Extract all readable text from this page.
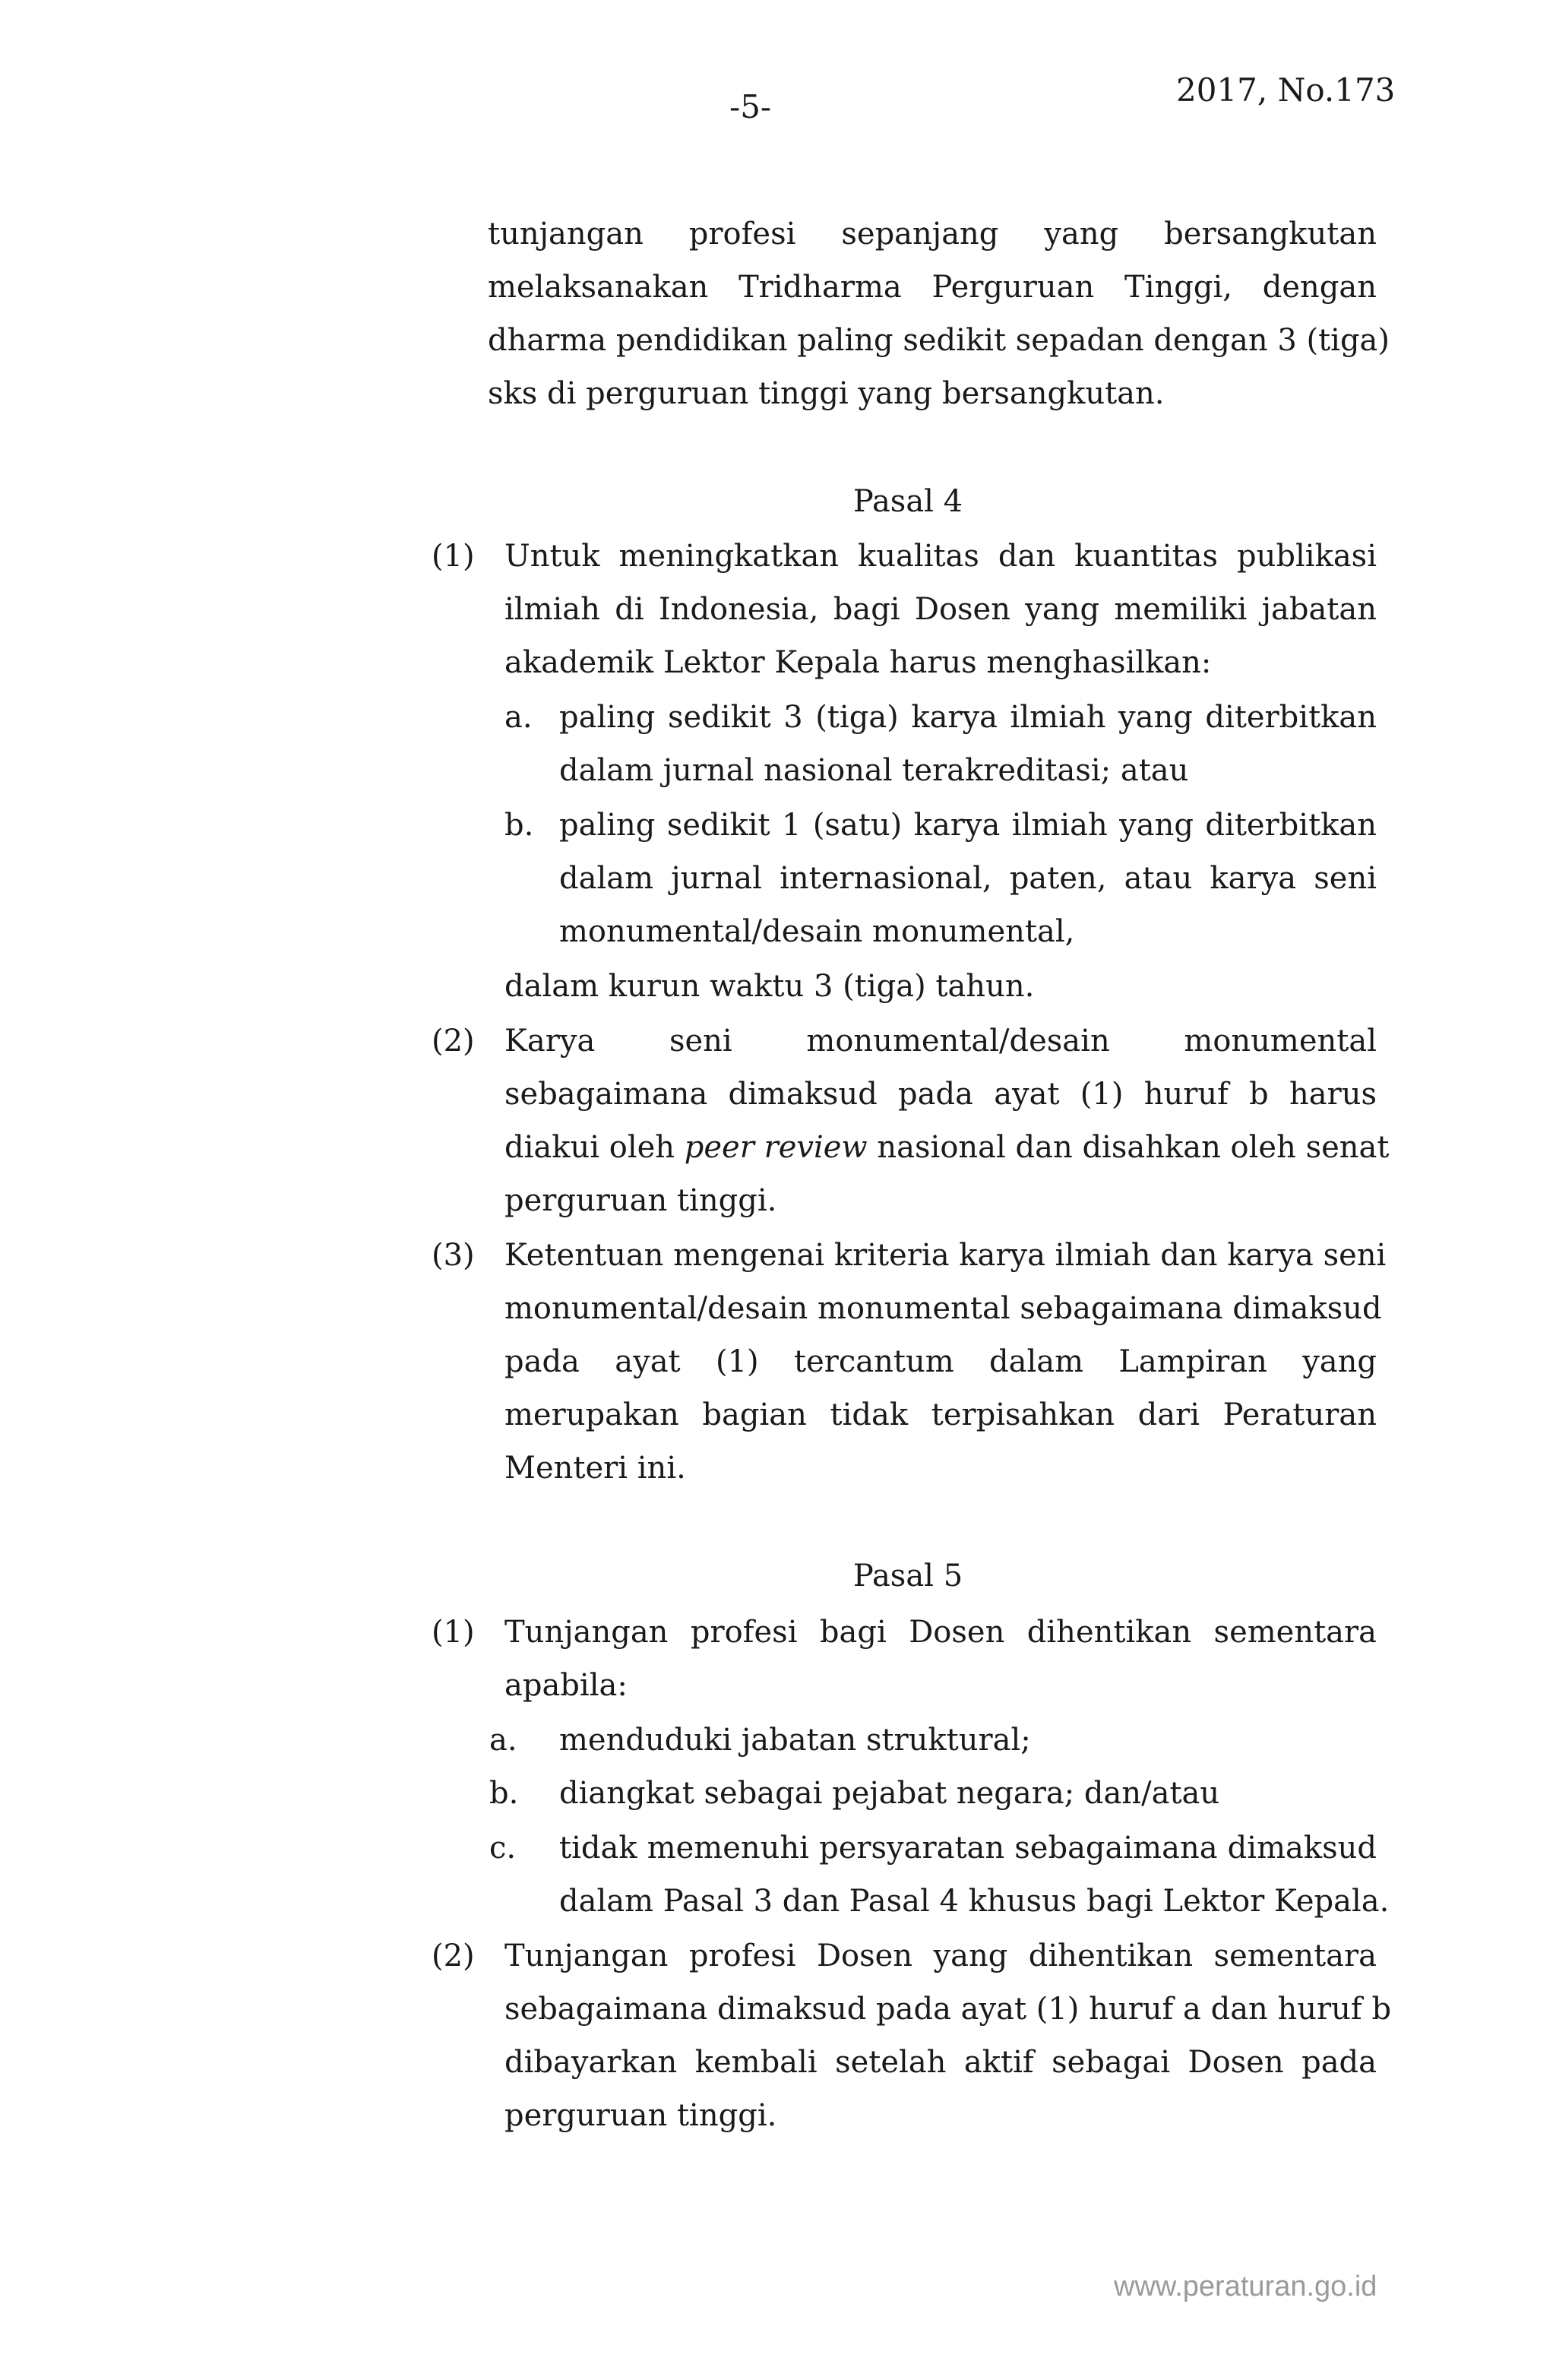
-5-	2017, No.173
tunjangan profesi sepanjang yang bersangkutan
melaksanakan Tridharma Perguruan Tinggi, dengan
dharma pendidikan paling sedikit sepadan dengan 3 (tiga)
sks di perguruan tinggi yang bersangkutan.
Pasal 4
(1) Untuk meningkatkan kualitas dan kuantitas publikasi
ilmiah di Indonesia, bagi Dosen yang memiliki jabatan
akademik Lektor Kepala harus menghasilkan:
a. paling sedikit 3 (tiga) karya ilmiah yang diterbitkan
dalam jurnal nasional terakreditasi; atau
b. paling sedikit 1 (satu) karya ilmiah yang diterbitkan
dalam jurnal internasional, paten, atau karya seni
monumental/desain monumental,
dalam kurun waktu 3 (tiga) tahun.
(2) Karya seni monumental/desain monumental
sebagaimana dimaksud pada ayat (1) huruf b harus
diakui oleh peer review nasional dan disahkan oleh senat
perguruan tinggi.
(3) Ketentuan mengenai kriteria karya ilmiah dan karya seni
monumental/desain monumental sebagaimana dimaksud
pada ayat (1) tercantum dalam Lampiran yang
merupakan bagian tidak terpisahkan dari Peraturan
Menteri ini.
Pasal 5
(1) Tunjangan profesi bagi Dosen dihentikan sementara
apabila:
a. menduduki jabatan struktural;
b. diangkat sebagai pejabat negara; dan/atau
c. tidak memenuhi persyaratan sebagaimana dimaksud
dalam Pasal 3 dan Pasal 4 khusus bagi Lektor Kepala.
(2) Tunjangan profesi Dosen yang dihentikan sementara
sebagaimana dimaksud pada ayat (1) huruf a dan huruf b
dibayarkan kembali setelah aktif sebagai Dosen pada
perguruan tinggi.
www.peraturan.go.id
